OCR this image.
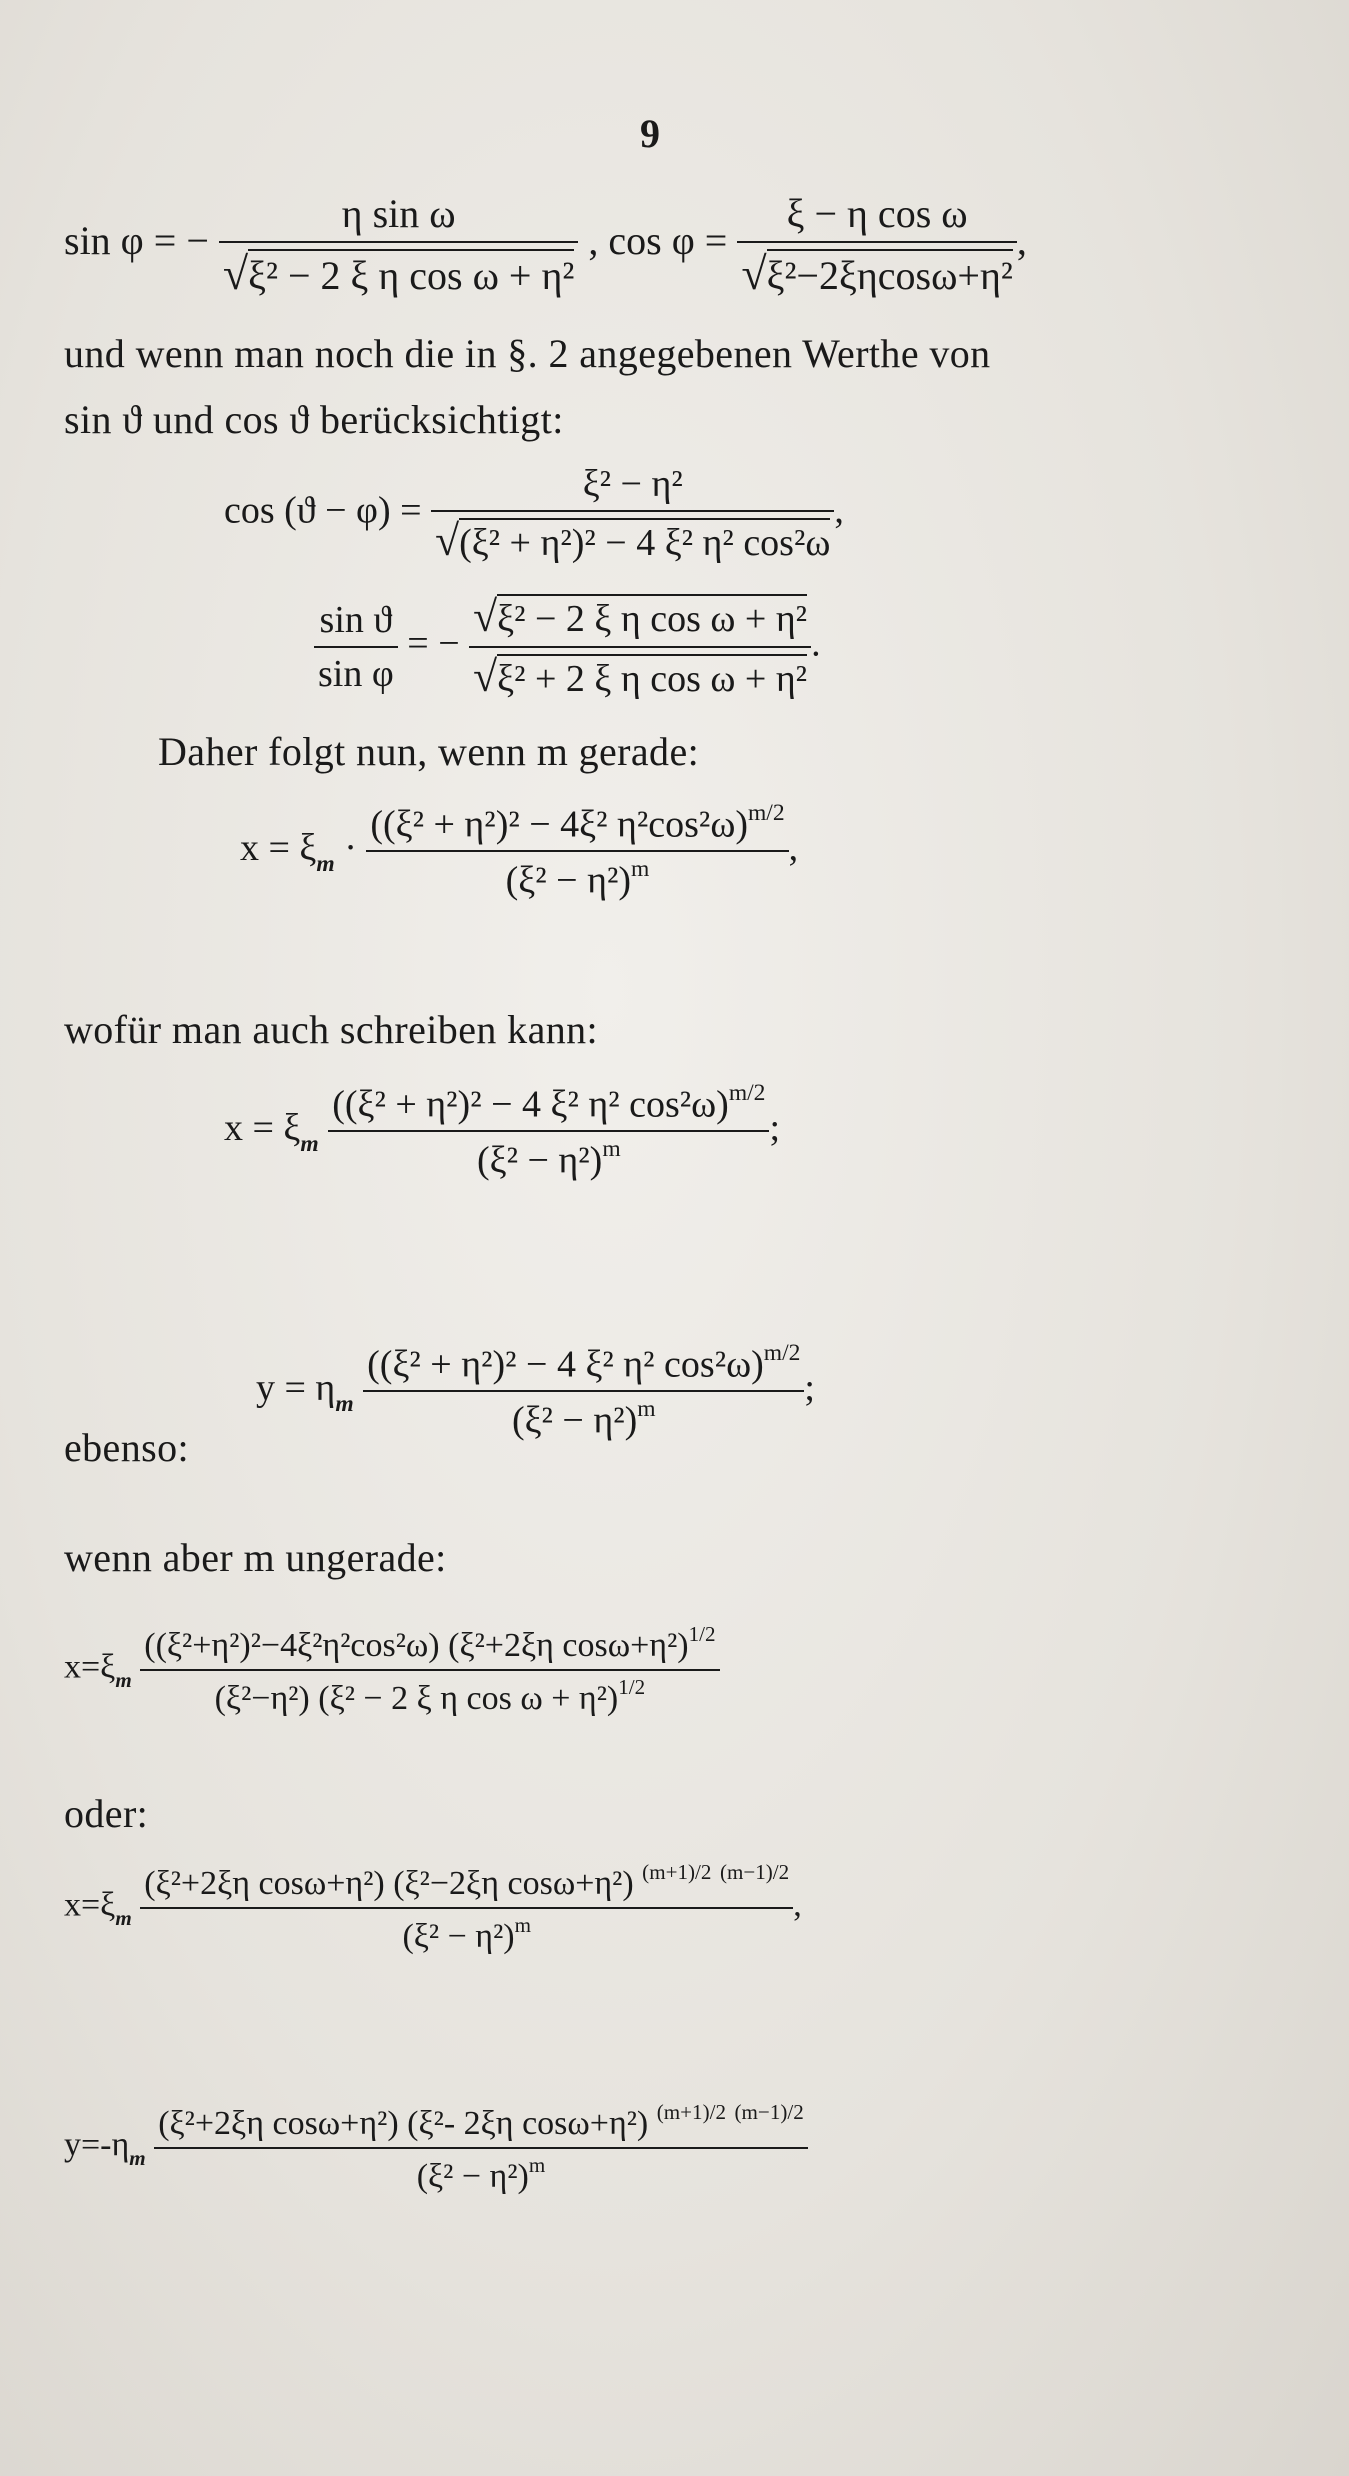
9
sin φ = − $\frac{\text{η sin ω}}{\text{√ξ² − 2 ξ η cos ω + η²}}$ , $\cos \varphi = \frac{\text{ξ − η cos ω}}{\text{√ξ²−2ξηcosω+η²}}$ ,
und wenn man noch die in §. 2 angegebenen Werthe von
sin ϑ und cos ϑ berücksichtigt:
$\cos (ϑ - \varphi) = \frac{\text{ξ² − η²}}{\text{√(ξ² + η²)² − 4 ξ² η² cos²ω}}$ ,
$\frac{\text{sin ϑ}}{\text{sin φ}}$ = − $\frac{\text{√ξ² − 2 ξ η cos ω + η²}}{\text{√ξ² + 2 ξ η cos ω + η²}}$ .
Daher folgt nun, wenn m gerade:
$x = \xi_m \cdot \frac{((\xi^2 + \eta^2)^2 - 4\xi^2 \eta^2\cos^2\omega)^{m/2}}{(\xi^2 - \eta^2)^m}$ ,
wofür man auch schreiben kann:
$x = \xi_m \frac{((\xi^2 + \eta^2)^2 - 4 \xi^2 \eta^2 \cos^2\omega)^{m/2}}{(\xi^2 - \eta^2)^m}$ ;
ebenso:
$y = \eta_m \frac{((\xi^2 + \eta^2)^2 - 4 \xi^2 \eta^2 \cos^2\omega)^{m/2}}{(\xi^2 - \eta^2)^m}$ ;
wenn aber m ungerade:
$x=\xi_m \frac{((\xi^2+\eta^2)^2-4\xi^2\eta^2\cos^2\omega) (\xi^2+2\xi\eta \cos\omega+\eta^2)^{1/2}}{(\xi^2-\eta^2) (\xi^2 - 2 \xi \eta \cos \omega + \eta^2)^{1/2}}$
oder:
$x=\xi_m \frac{(\xi^2+2\xi\eta \cos\omega+\eta^2) (\xi^2-2\xi\eta \cos\omega+\eta^2) ^{(m+1)/2} ^{(m-1)/2}}{(\xi^2 - \eta^2)^m}$ ,
$y=-\eta_m \frac{(\xi^2+2\xi\eta \cos\omega+\eta^2) (\xi^2- 2\xi\eta \cos\omega+\eta^2) ^{(m+1)/2} ^{(m-1)/2}}{(\xi^2 - \eta^2)^m}$
